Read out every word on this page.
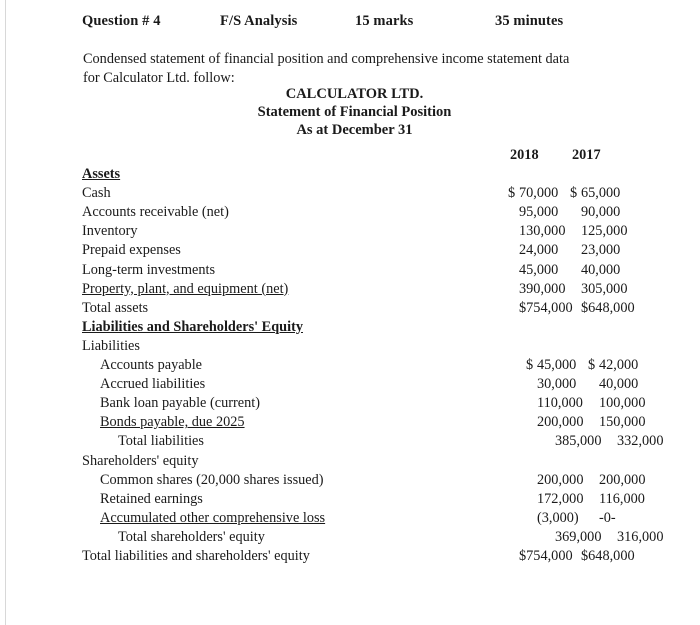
Question # 4	F/S Analysis	15 marks	35 minutes
Condensed statement of financial position and comprehensive income statement data for Calculator Ltd. follow:
CALCULATOR LTD.
Statement of Financial Position
As at December 31
2018	2017
Assets
Cash	$ 70,000 $ 65,000
Accounts receivable (net)	95,000	90,000
Inventory	130,000	125,000
Prepaid expenses	24,000	23,000
Long-term investments	45,000	40,000
Property, plant, and equipment (net)	390,000	305,000
Total assets	$754,000 $648,000
Liabilities and Shareholders' Equity
Liabilities
Accounts payable	$ 45,000 $ 42,000
Accrued liabilities	30,000	40,000
Bank loan payable (current)	110,000	100,000
Bonds payable, due 2025	200,000	150,000
Total liabilities	385,000	332,000
Shareholders' equity
Common shares (20,000 shares issued)	200,000	200,000
Retained earnings	172,000	116,000
Accumulated other comprehensive loss	(3,000)	-0-
Total shareholders' equity	369,000	316,000
Total liabilities and shareholders' equity	$754,000 $648,000
